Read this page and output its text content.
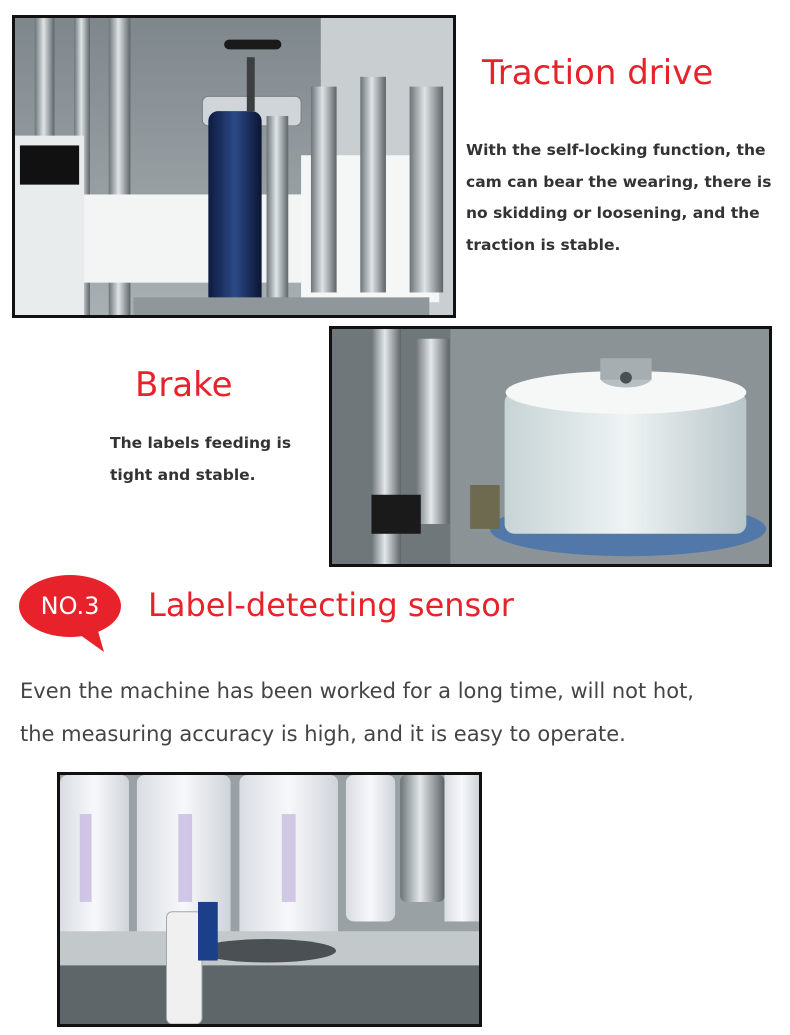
Traction drive
With the self-locking function, the
cam can bear the wearing, there is
no skidding or loosening, and the
traction is stable.
Brake
The labels feeding is
tight and stable.
NO.3	Label-detecting sensor
Even the machine has been worked for a long time, will not hot,
the measuring accuracy is high, and it is easy to operate.
